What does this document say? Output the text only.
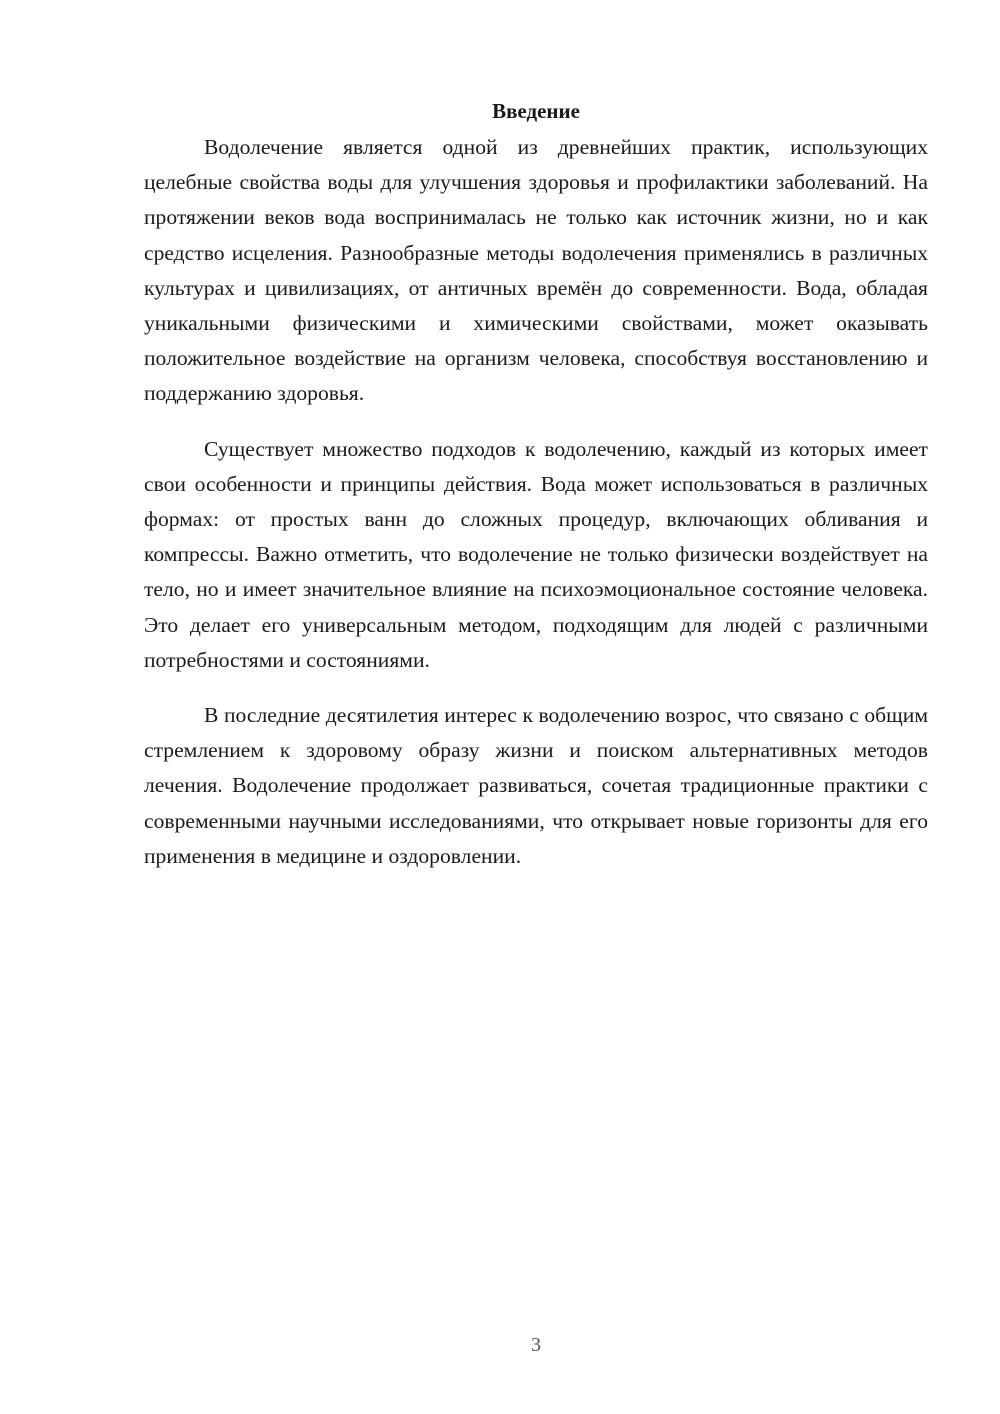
Введение

Водолечение является одной из древнейших практик, использующих целебные свойства воды для улучшения здоровья и профилактики заболеваний. На протяжении веков вода воспринималась не только как источник жизни, но и как средство исцеления. Разнообразные методы водолечения применялись в различных культурах и цивилизациях, от античных времён до современности. Вода, обладая уникальными физическими и химическими свойствами, может оказывать положительное воздействие на организм человека, способствуя восстановлению и поддержанию здоровья.

Существует множество подходов к водолечению, каждый из которых имеет свои особенности и принципы действия. Вода может использоваться в различных формах: от простых ванн до сложных процедур, включающих обливания и компрессы. Важно отметить, что водолечение не только физически воздействует на тело, но и имеет значительное влияние на психоэмоциональное состояние человека. Это делает его универсальным методом, подходящим для людей с различными потребностями и состояниями.

В последние десятилетия интерес к водолечению возрос, что связано с общим стремлением к здоровому образу жизни и поиском альтернативных методов лечения. Водолечение продолжает развиваться, сочетая традиционные практики с современными научными исследованиями, что открывает новые горизонты для его применения в медицине и оздоровлении.

3
